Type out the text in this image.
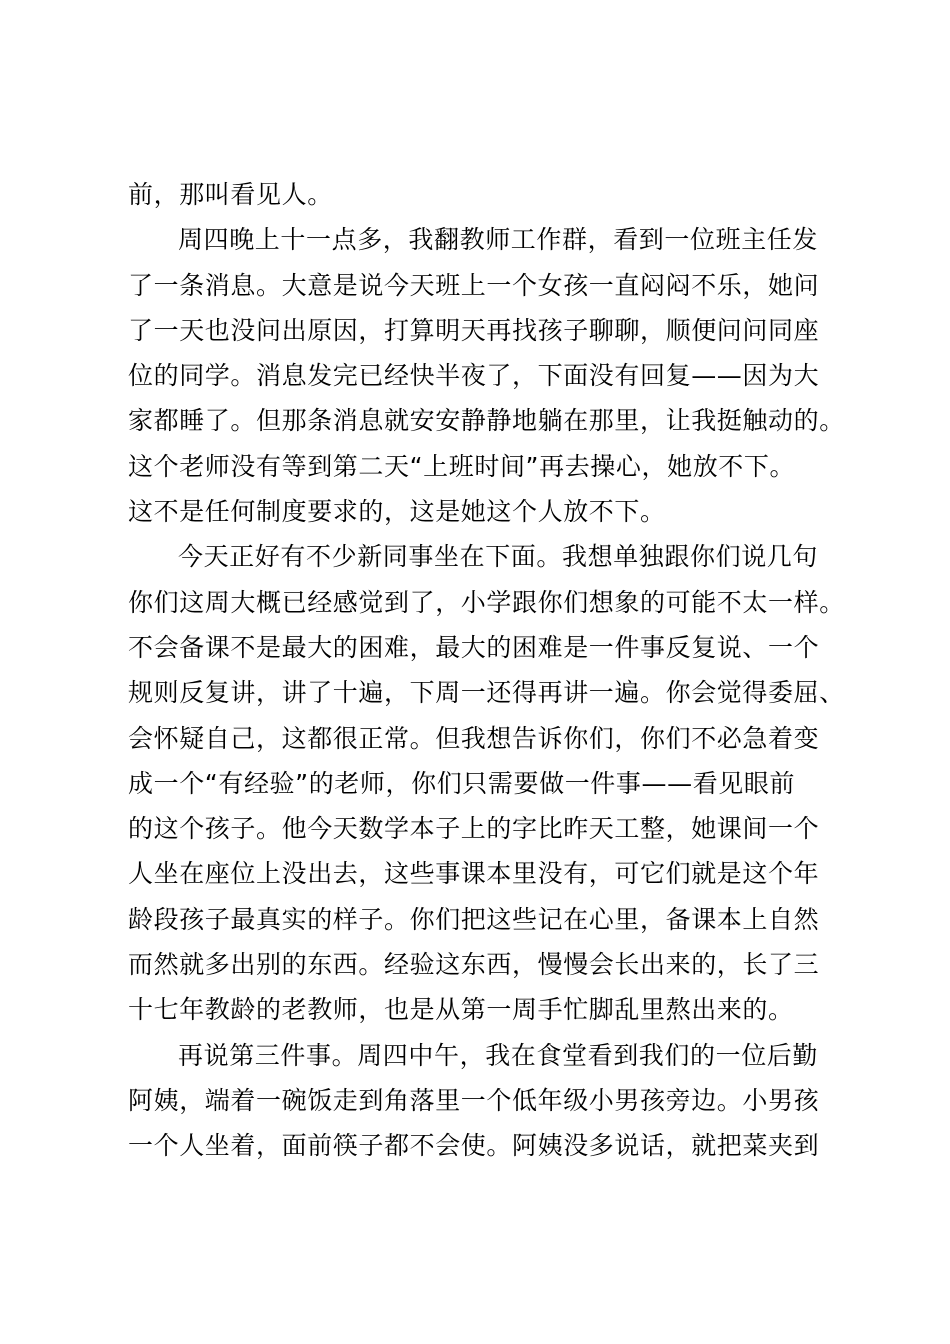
前，那叫看见人。
周四晚上十一点多，我翻教师工作群，看到一位班主任发
了一条消息。大意是说今天班上一个女孩一直闷闷不乐，她问
了一天也没问出原因，打算明天再找孩子聊聊，顺便问问同座
位的同学。消息发完已经快半夜了，下面没有回复——因为大
家都睡了。但那条消息就安安静静地躺在那里，让我挺触动的。
这个老师没有等到第二天“上班时间”再去操心，她放不下。
这不是任何制度要求的，这是她这个人放不下。
今天正好有不少新同事坐在下面。我想单独跟你们说几句
你们这周大概已经感觉到了，小学跟你们想象的可能不太一样。
不会备课不是最大的困难，最大的困难是一件事反复说、一个
规则反复讲，讲了十遍，下周一还得再讲一遍。你会觉得委屈、
会怀疑自己，这都很正常。但我想告诉你们，你们不必急着变
成一个“有经验”的老师，你们只需要做一件事——看见眼前
的这个孩子。他今天数学本子上的字比昨天工整，她课间一个
人坐在座位上没出去，这些事课本里没有，可它们就是这个年
龄段孩子最真实的样子。你们把这些记在心里，备课本上自然
而然就多出别的东西。经验这东西，慢慢会长出来的，长了三
十七年教龄的老教师，也是从第一周手忙脚乱里熬出来的。
再说第三件事。周四中午，我在食堂看到我们的一位后勤
阿姨，端着一碗饭走到角落里一个低年级小男孩旁边。小男孩
一个人坐着，面前筷子都不会使。阿姨没多说话，就把菜夹到
